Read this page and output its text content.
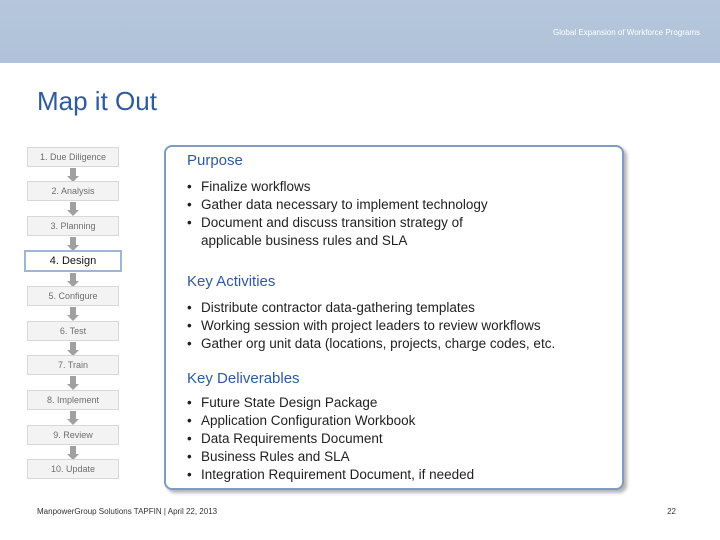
Global Expansion of Workforce Programs
Map it Out
1. Due Diligence
2. Analysis
3. Planning
4. Design
5. Configure
6. Test
7. Train
8. Implement
9. Review
10. Update
Purpose
• Finalize workflows
• Gather data necessary to implement technology
• Document and discuss transition strategy of applicable business rules and SLA
Key Activities
• Distribute contractor data-gathering templates
• Working session with project leaders to review workflows
• Gather org unit data (locations, projects, charge codes, etc.
Key Deliverables
• Future State Design Package
• Application Configuration Workbook
• Data Requirements Document
• Business Rules and SLA
• Integration Requirement Document, if needed
ManpowerGroup Solutions TAPFIN | April 22, 2013	22
